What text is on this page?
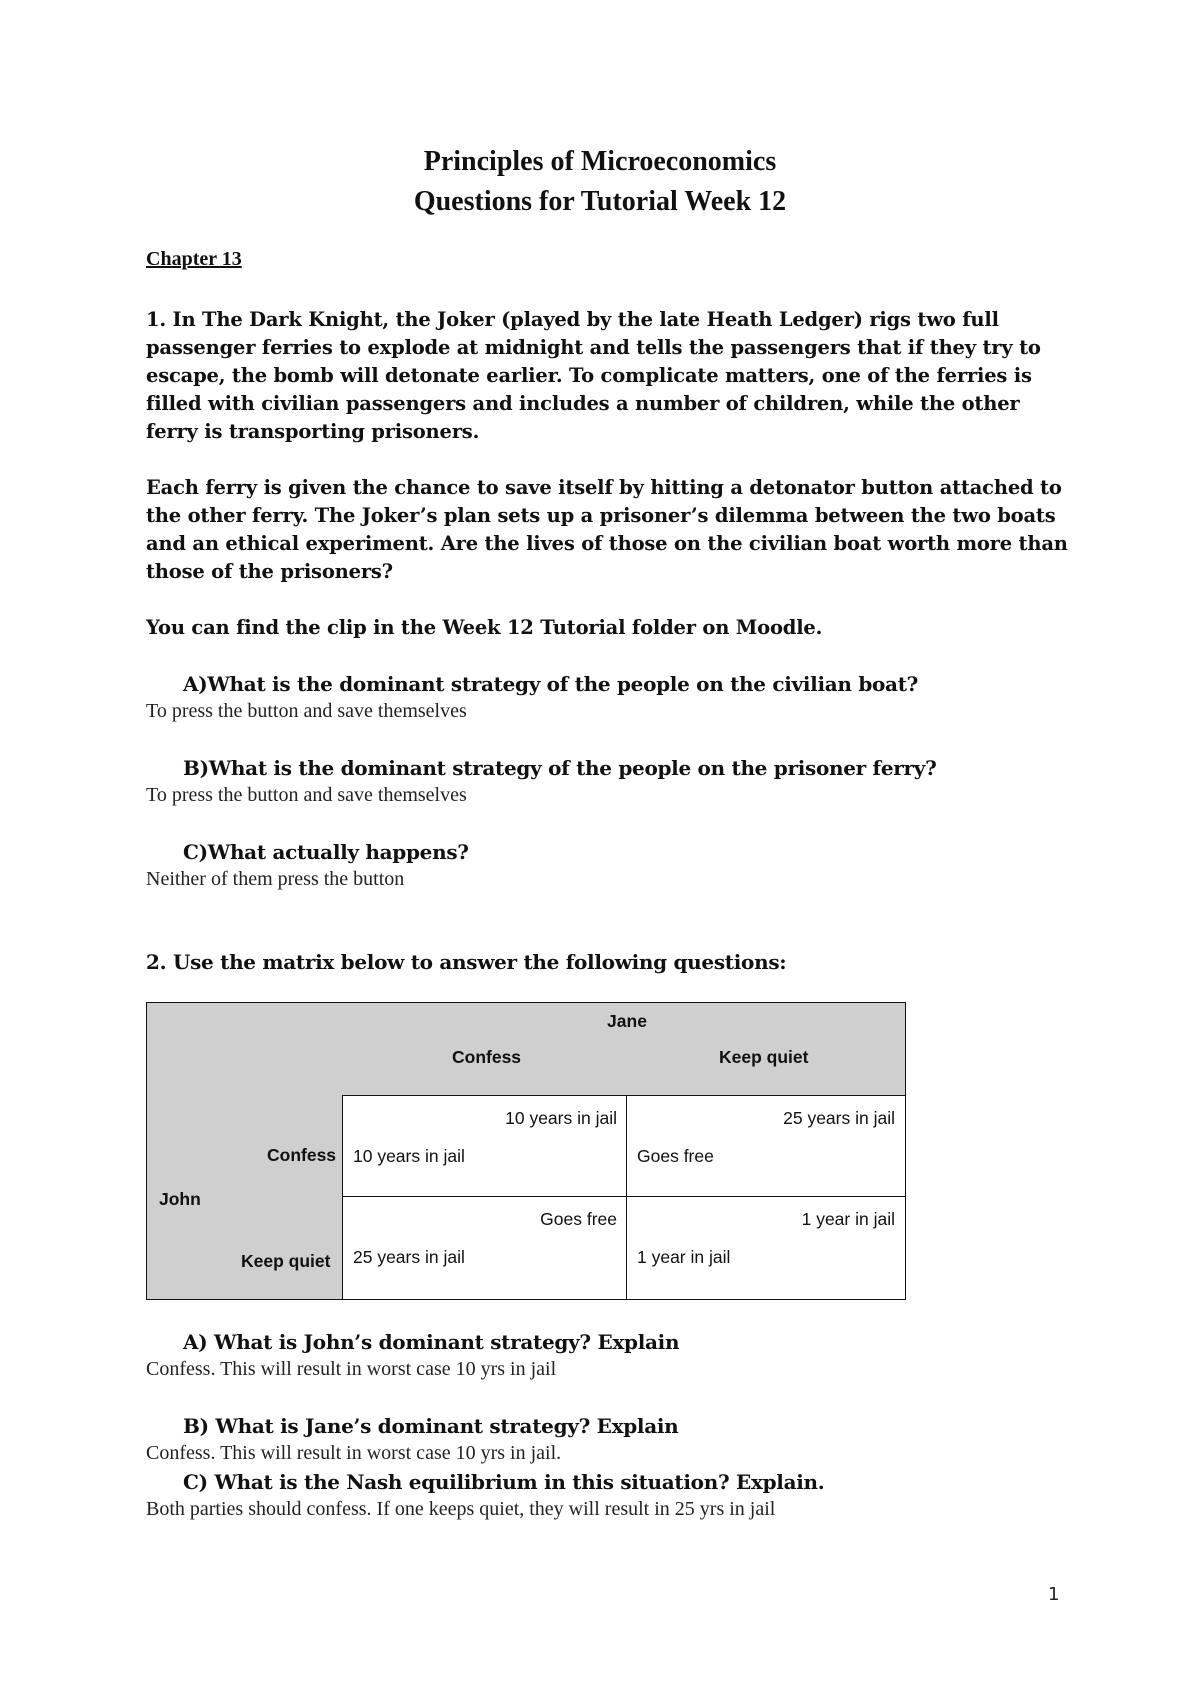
Principles of Microeconomics
Questions for Tutorial Week 12
Chapter 13
1. In The Dark Knight, the Joker (played by the late Heath Ledger) rigs two full passenger ferries to explode at midnight and tells the passengers that if they try to escape, the bomb will detonate earlier. To complicate matters, one of the ferries is filled with civilian passengers and includes a number of children, while the other ferry is transporting prisoners.
Each ferry is given the chance to save itself by hitting a detonator button attached to the other ferry. The Joker’s plan sets up a prisoner’s dilemma between the two boats and an ethical experiment. Are the lives of those on the civilian boat worth more than those of the prisoners?
You can find the clip in the Week 12 Tutorial folder on Moodle.
A)What is the dominant strategy of the people on the civilian boat?
To press the button and save themselves
B)What is the dominant strategy of the people on the prisoner ferry?
To press the button and save themselves
C)What actually happens?
Neither of them press the button
2. Use the matrix below to answer the following questions:
Jane
Confess	Keep quiet
Confess
Keep quiet
John
10 years in jail
10 years in jail
25 years in jail
Goes free
Goes free
25 years in jail
1 year in jail
1 year in jail
A) What is John’s dominant strategy? Explain
Confess. This will result in worst case 10 yrs in jail
B) What is Jane’s dominant strategy? Explain
Confess. This will result in worst case 10 yrs in jail.
C) What is the Nash equilibrium in this situation? Explain.
Both parties should confess. If one keeps quiet, they will result in 25 yrs in jail
1
